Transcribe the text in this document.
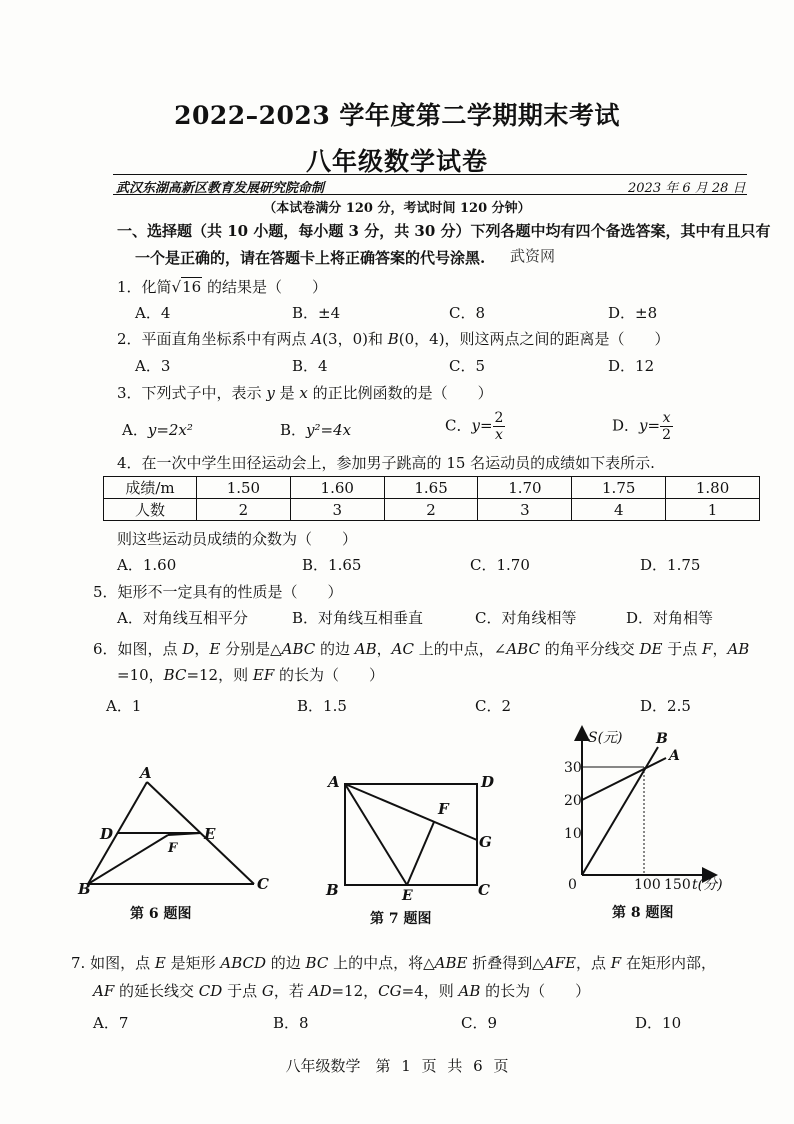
2022–2023 学年度第二学期期末考试
八年级数学试卷
武汉东湖高新区教育发展研究院命制	2023 年 6 月 28 日
（本试卷满分 120 分，考试时间 120 分钟）
一、选择题（共 10 小题，每小题 3 分，共 30 分）下列各题中均有四个备选答案，其中有且只有
一个是正确的，请在答题卡上将正确答案的代号涂黑. 武资网
1．化简√16 的结果是（　　）
A．4	B．±4	C．8	D．±8
2．平面直角坐标系中有两点 A(3，0)和 B(0，4)，则这两点之间的距离是（　　）
A．3	B．4	C．5	D．12
3．下列式子中，表示 y 是 x 的正比例函数的是（　　）
A．y=2x²	B．y²=4x	C．$y= \frac{2}{x}$	D．$y= \frac{x}{2}$
4．在一次中学生田径运动会上，参加男子跳高的 15 名运动员的成绩如下表所示.
成绩/m	1.50	1.60	1.65	1.70	1.75	1.80
人数	2	3	2	3	4	1
则这些运动员成绩的众数为（　　）
A．1.60	B．1.65	C．1.70	D．1.75
5．矩形不一定具有的性质是（　　）
A．对角线互相平分	B．对角线互相垂直	C．对角线相等	D．对角相等
6．如图，点 D，E 分别是△ABC 的边 AB，AC 上的中点，∠ABC 的角平分线交 DE 于点 F，AB
=10，BC=12，则 EF 的长为（　　）
A．1	B．1.5	C．2	D．2.5
A
D	E
F
B	C
第 6 题图
A	D
F
G
B	E	C
第 7 题图
S(元)
30
20
10
0	100 150 t(分)
B
A
第 8 题图
7. 如图，点 E 是矩形 ABCD 的边 BC 上的中点，将△ABE 折叠得到△AFE，点 F 在矩形内部，
AF 的延长线交 CD 于点 G，若 AD=12，CG=4，则 AB 的长为（　　）
A．7	B．8	C．9	D．10
八年级数学　第 1 页 共 6 页
